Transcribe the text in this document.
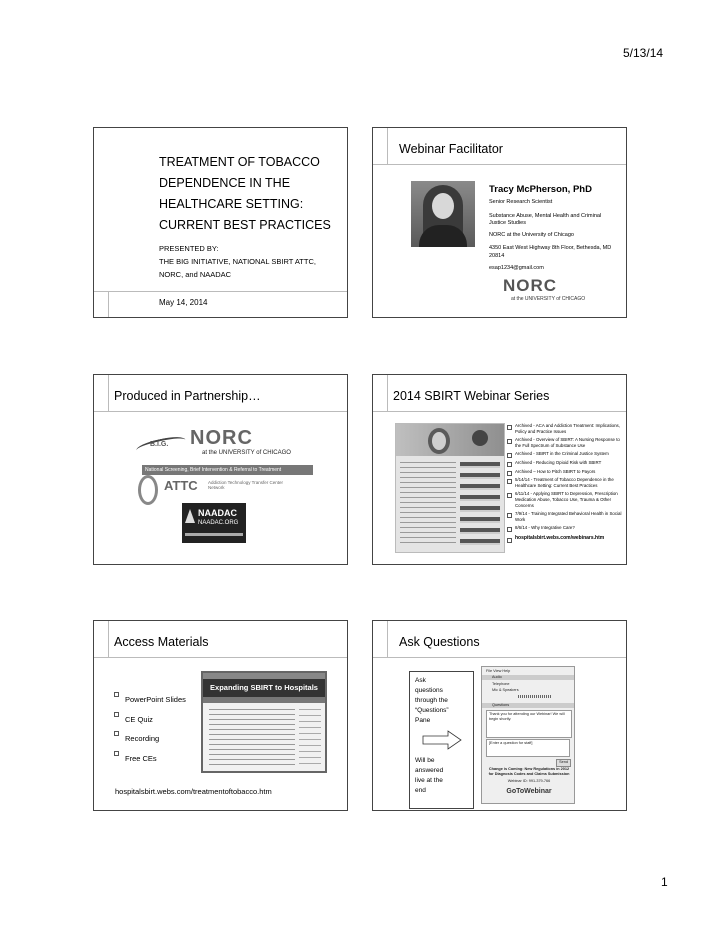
5/13/14
TREATMENT OF TOBACCO
DEPENDENCE IN THE
HEALTHCARE SETTING:
CURRENT BEST PRACTICES
PRESENTED BY:
THE BIG INITIATIVE, NATIONAL SBIRT ATTC,
NORC, and NAADAC
May 14, 2014
Webinar Facilitator
Tracy McPherson, PhD
Senior Research Scientist
Substance Abuse, Mental Health and Criminal Justice Studies
NORC at the University of Chicago
4350 East West Highway 8th Floor, Bethesda, MD 20814
esap1234@gmail.com
NORC
at the UNIVERSITY of CHICAGO
Produced in Partnership…
B.I.G. NORC
at the UNIVERSITY of CHICAGO
National Screening, Brief Intervention & Referral to Treatment
ATTC Addiction Technology Transfer Center Network
NAADAC
NAADAC.ORG
2014 SBIRT Webinar Series
Archived - ACA and Addiction Treatment: Implications, Policy and Practice Issues
Archived - Overview of SBIRT: A Nursing Response to the Full Spectrum of Substance Use
Archived - SBIRT in the Criminal Justice System
Archived - Reducing Opioid Risk with SBIRT
Archived – How to Pitch SBIRT to Payors
5/14/14 - Treatment of Tobacco Dependence in the Healthcare Setting: Current Best Practices
6/11/14 - Applying SBIRT to Depression, Prescription Medication Abuse, Tobacco Use, Trauma & Other Concerns
7/9/14 - Training Integrated Behavioral Health in Social Work
8/6/14 - Why Integrative Care?
hospitalsbirt.webs.com/webinars.htm
Access Materials
PowerPoint Slides
CE Quiz
Recording
Free CEs
Expanding SBIRT to Hospitals
hospitalsbirt.webs.com/treatmentoftobacco.htm
Ask Questions
Ask
questions
through the
“Questions”
Pane
Will be
answered
live at the
end
File View Help
Audio
Telephone
Mic & Speakers
Questions
Thank you for attending our Webinar! We will begin shortly.
[Enter a question for staff]
Send
Change is Coming: New Regulations in 2012 for Diagnosis Codes and Claims Submission
Webinar ID: 991-379-766
GoToWebinar
1
